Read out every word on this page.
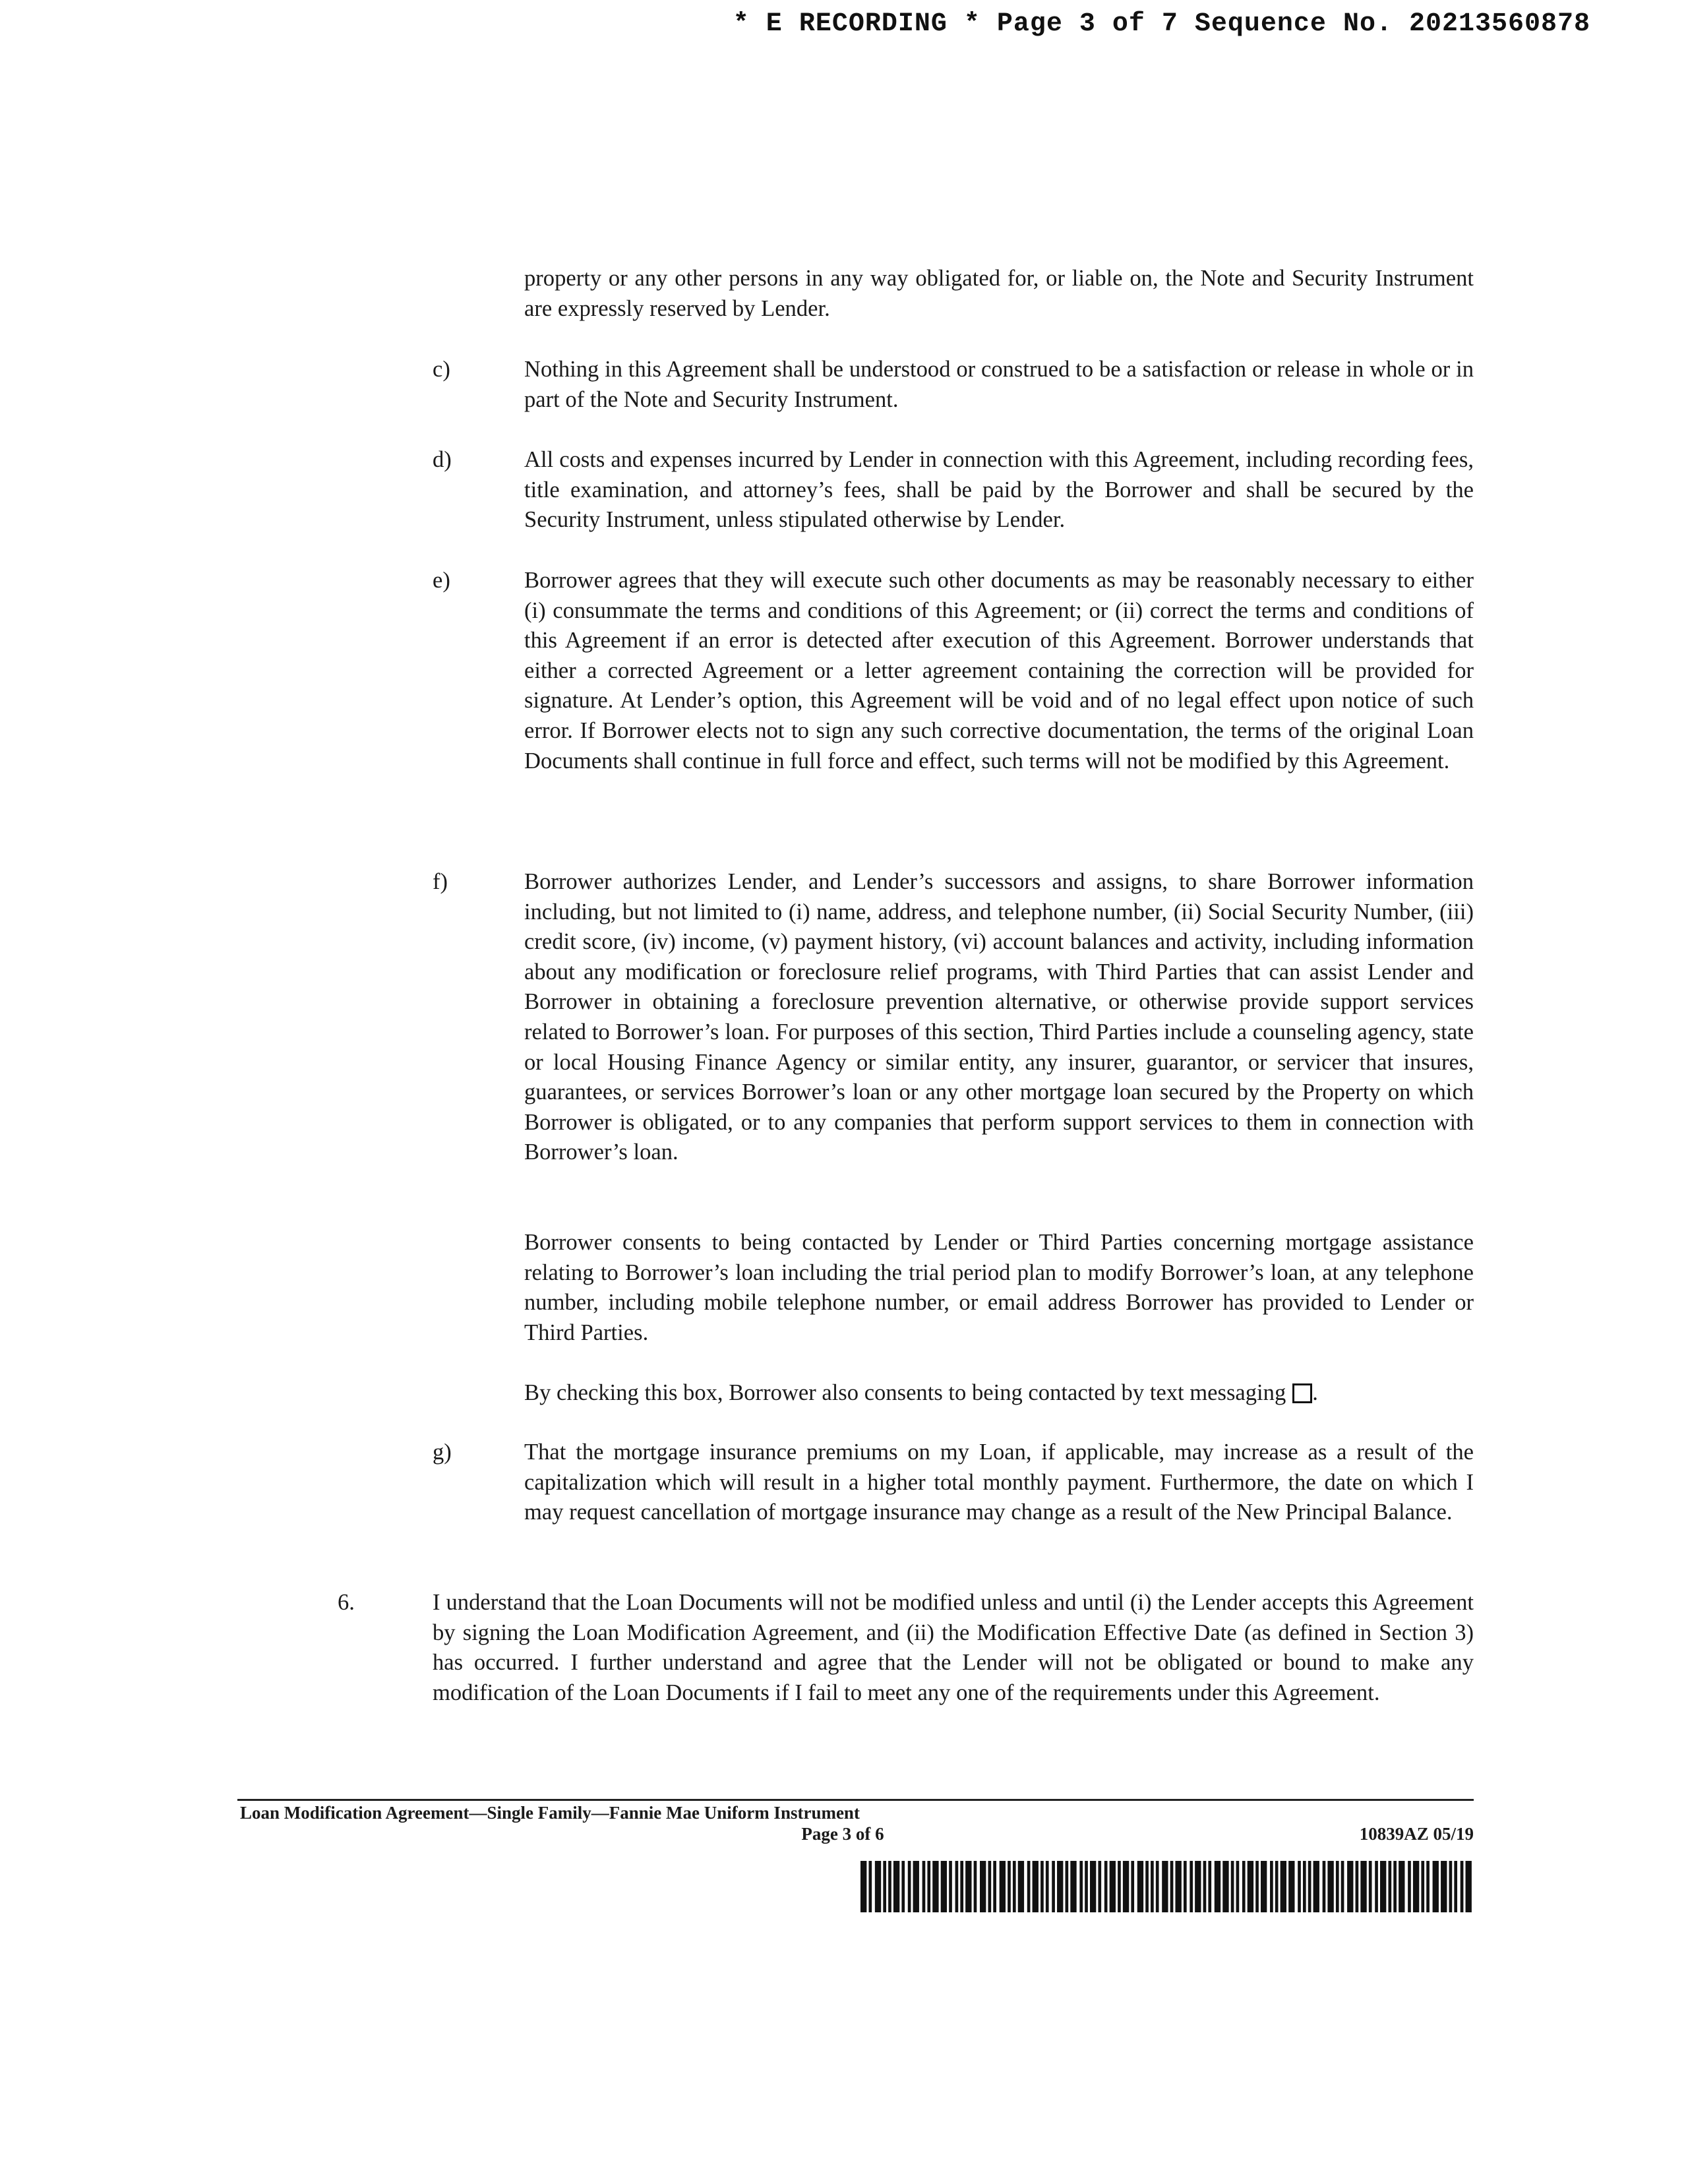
* E RECORDING * Page 3 of 7 Sequence No. 20213560878
property or any other persons in any way obligated for, or liable on, the Note and Security Instrument are expressly reserved by Lender.
c)	Nothing in this Agreement shall be understood or construed to be a satisfaction or release in whole or in part of the Note and Security Instrument.
d)	All costs and expenses incurred by Lender in connection with this Agreement, including recording fees, title examination, and attorney’s fees, shall be paid by the Borrower and shall be secured by the Security Instrument, unless stipulated otherwise by Lender.
e)	Borrower agrees that they will execute such other documents as may be reasonably necessary to either (i) consummate the terms and conditions of this Agreement; or (ii) correct the terms and conditions of this Agreement if an error is detected after execution of this Agreement. Borrower understands that either a corrected Agreement or a letter agreement containing the correction will be provided for signature. At Lender’s option, this Agreement will be void and of no legal effect upon notice of such error. If Borrower elects not to sign any such corrective documentation, the terms of the original Loan Documents shall continue in full force and effect, such terms will not be modified by this Agreement.
f)	Borrower authorizes Lender, and Lender’s successors and assigns, to share Borrower information including, but not limited to (i) name, address, and telephone number, (ii) Social Security Number, (iii) credit score, (iv) income, (v) payment history, (vi) account balances and activity, including information about any modification or foreclosure relief programs, with Third Parties that can assist Lender and Borrower in obtaining a foreclosure prevention alternative, or otherwise provide support services related to Borrower’s loan. For purposes of this section, Third Parties include a counseling agency, state or local Housing Finance Agency or similar entity, any insurer, guarantor, or servicer that insures, guarantees, or services Borrower’s loan or any other mortgage loan secured by the Property on which Borrower is obligated, or to any companies that perform support services to them in connection with Borrower’s loan.
Borrower consents to being contacted by Lender or Third Parties concerning mortgage assistance relating to Borrower’s loan including the trial period plan to modify Borrower’s loan, at any telephone number, including mobile telephone number, or email address Borrower has provided to Lender or Third Parties.
By checking this box, Borrower also consents to being contacted by text messaging .
g)	That the mortgage insurance premiums on my Loan, if applicable, may increase as a result of the capitalization which will result in a higher total monthly payment. Furthermore, the date on which I may request cancellation of mortgage insurance may change as a result of the New Principal Balance.
6.	I understand that the Loan Documents will not be modified unless and until (i) the Lender accepts this Agreement by signing the Loan Modification Agreement, and (ii) the Modification Effective Date (as defined in Section 3) has occurred. I further understand and agree that the Lender will not be obligated or bound to make any modification of the Loan Documents if I fail to meet any one of the requirements under this Agreement.
Loan Modification Agreement—Single Family—Fannie Mae Uniform Instrument
Page 3 of 6	10839AZ 05/19
